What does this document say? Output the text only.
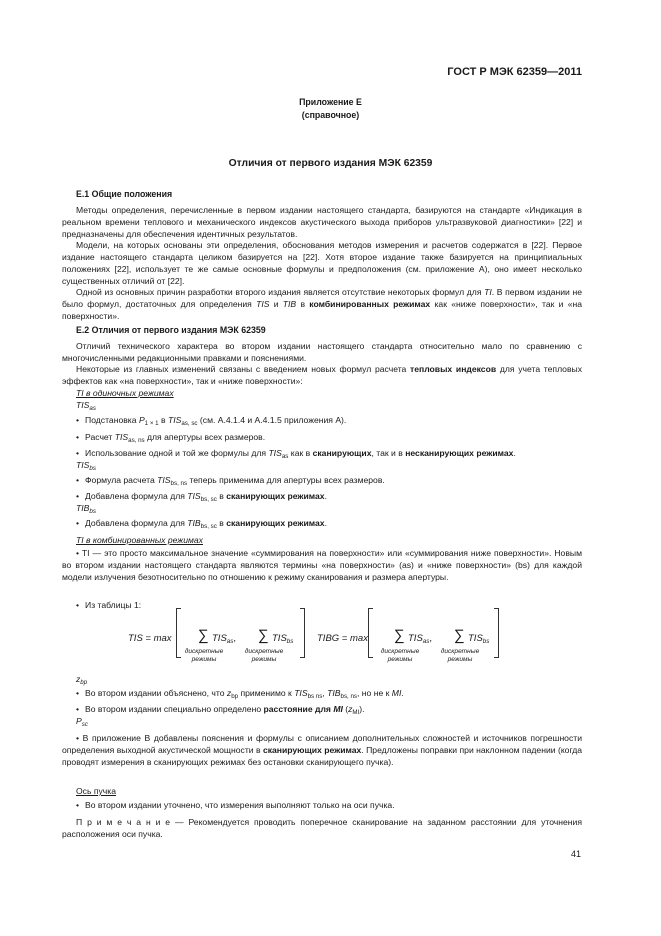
ГОСТ Р МЭК 62359—2011
Приложение Е
(справочное)
Отличия от первого издания МЭК 62359
Е.1 Общие положения
Методы определения, перечисленные в первом издании настоящего стандарта, базируются на стандарте «Индикация в реальном времени теплового и механического индексов акустического выхода приборов ультразвуковой диагностики» [22] и предназначены для обеспечения идентичных результатов.
Модели, на которых основаны эти определения, обоснования методов измерения и расчетов содержатся в [22]. Первое издание настоящего стандарта целиком базируется на [22]. Хотя второе издание также базируется на принципиальных положениях [22], использует те же самые основные формулы и предположения (см. приложение А), оно имеет несколько существенных отличий от [22].
Одной из основных причин разработки второго издания является отсутствие некоторых формул для TI. В первом издании не было формул, достаточных для определения TIS и TIB в комбинированных режимах как «ниже поверхности», так и «на поверхности».
Е.2 Отличия от первого издания МЭК 62359
Отличий технического характера во втором издании настоящего стандарта относительно мало по сравнению с многочисленными редакционными правками и пояснениями.
Некоторые из главных изменений связаны с введением новых формул расчета тепловых индексов для учета тепловых эффектов как «на поверхности», так и «ниже поверхности»:
TI в одиночных режимах
$TIS_{as}$
• Подстановка $P_{1 \times 1}$ в $TIS_{as, sc}$ (см. А.4.1.4 и А.4.1.5 приложения А).
• Расчет $TIS_{as, ns}$ для апертуры всех размеров.
• Использование одной и той же формулы для $TIS_{as}$ как в сканирующих, так и в несканирующих режимах.
$TIS_{bs}$
• Формула расчета $TIS_{bs, ns}$ теперь применима для апертуры всех размеров.
• Добавлена формула для $TIS_{bs, sc}$ в сканирующих режимах.
$TIB_{bs}$
• Добавлена формула для $TIB_{bs, sc}$ в сканирующих режимах.
TI в комбинированных режимах
• TI — это просто максимальное значение «суммирования на поверхности» или «суммирования ниже поверхности». Новым во втором издании настоящего стандарта являются термины «на поверхности» (as) и «ниже поверхности» (bs) для каждой модели излучения безотносительно по отношению к режиму сканирования и размера апертуры.
• Из таблицы 1:
TIS = max ∑ $TIS_{as}$,
дискретные режимы
∑ $TIS_{bs}$
дискретные режимы
TIBG = max ∑ $TIS_{as}$,
дискретные режимы
∑ $TIS_{bs}$
дискретные режимы
$z_{bp}$
• Во втором издании объяснено, что $z_{bp}$ применимо к $TIS_{bs ns}$, $TIB_{bs, ns}$, но не к MI.
• Во втором издании специально определено расстояние для MI $(z_{MI})$.
$P_{sc}$
• В приложение В добавлены пояснения и формулы с описанием дополнительных сложностей и источников погрешности определения выходной акустической мощности в сканирующих режимах. Предложены поправки при наклонном падении (когда проводят измерения в сканирующих режимах без остановки сканирующего пучка).
Ось пучка
• Во втором издании уточнено, что измерения выполняют только на оси пучка.
П р и м е ч а н и е — Рекомендуется проводить поперечное сканирование на заданном расстоянии для уточнения расположения оси пучка.
41
